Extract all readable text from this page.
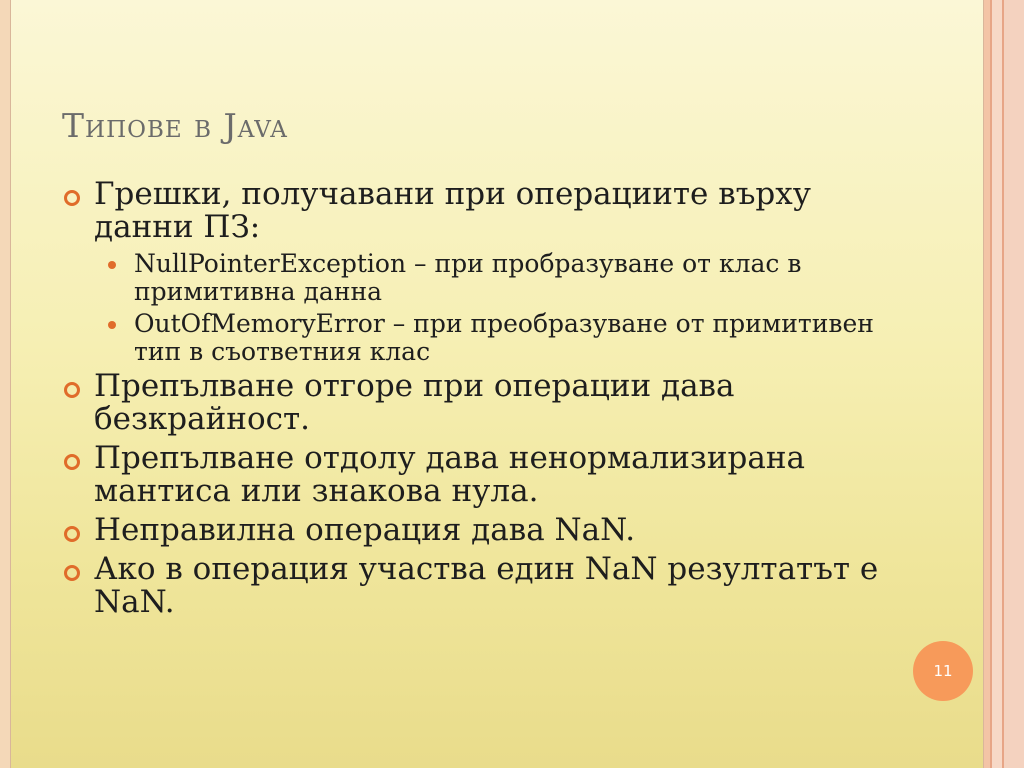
Типове в Java
Грешки, получавани при операциите върху данни ПЗ:
NullPointerException – при пробразуване от клас в примитивна данна
OutOfMemoryError – при преобразуване от примитивен тип в съответния клас
Препълване отгоре при операции дава безкрайност.
Препълване отдолу дава ненормализирана мантиса или знакова нула.
Неправилна операция дава NaN.
Ако в операция участва един NaN резултатът е NaN.
11
